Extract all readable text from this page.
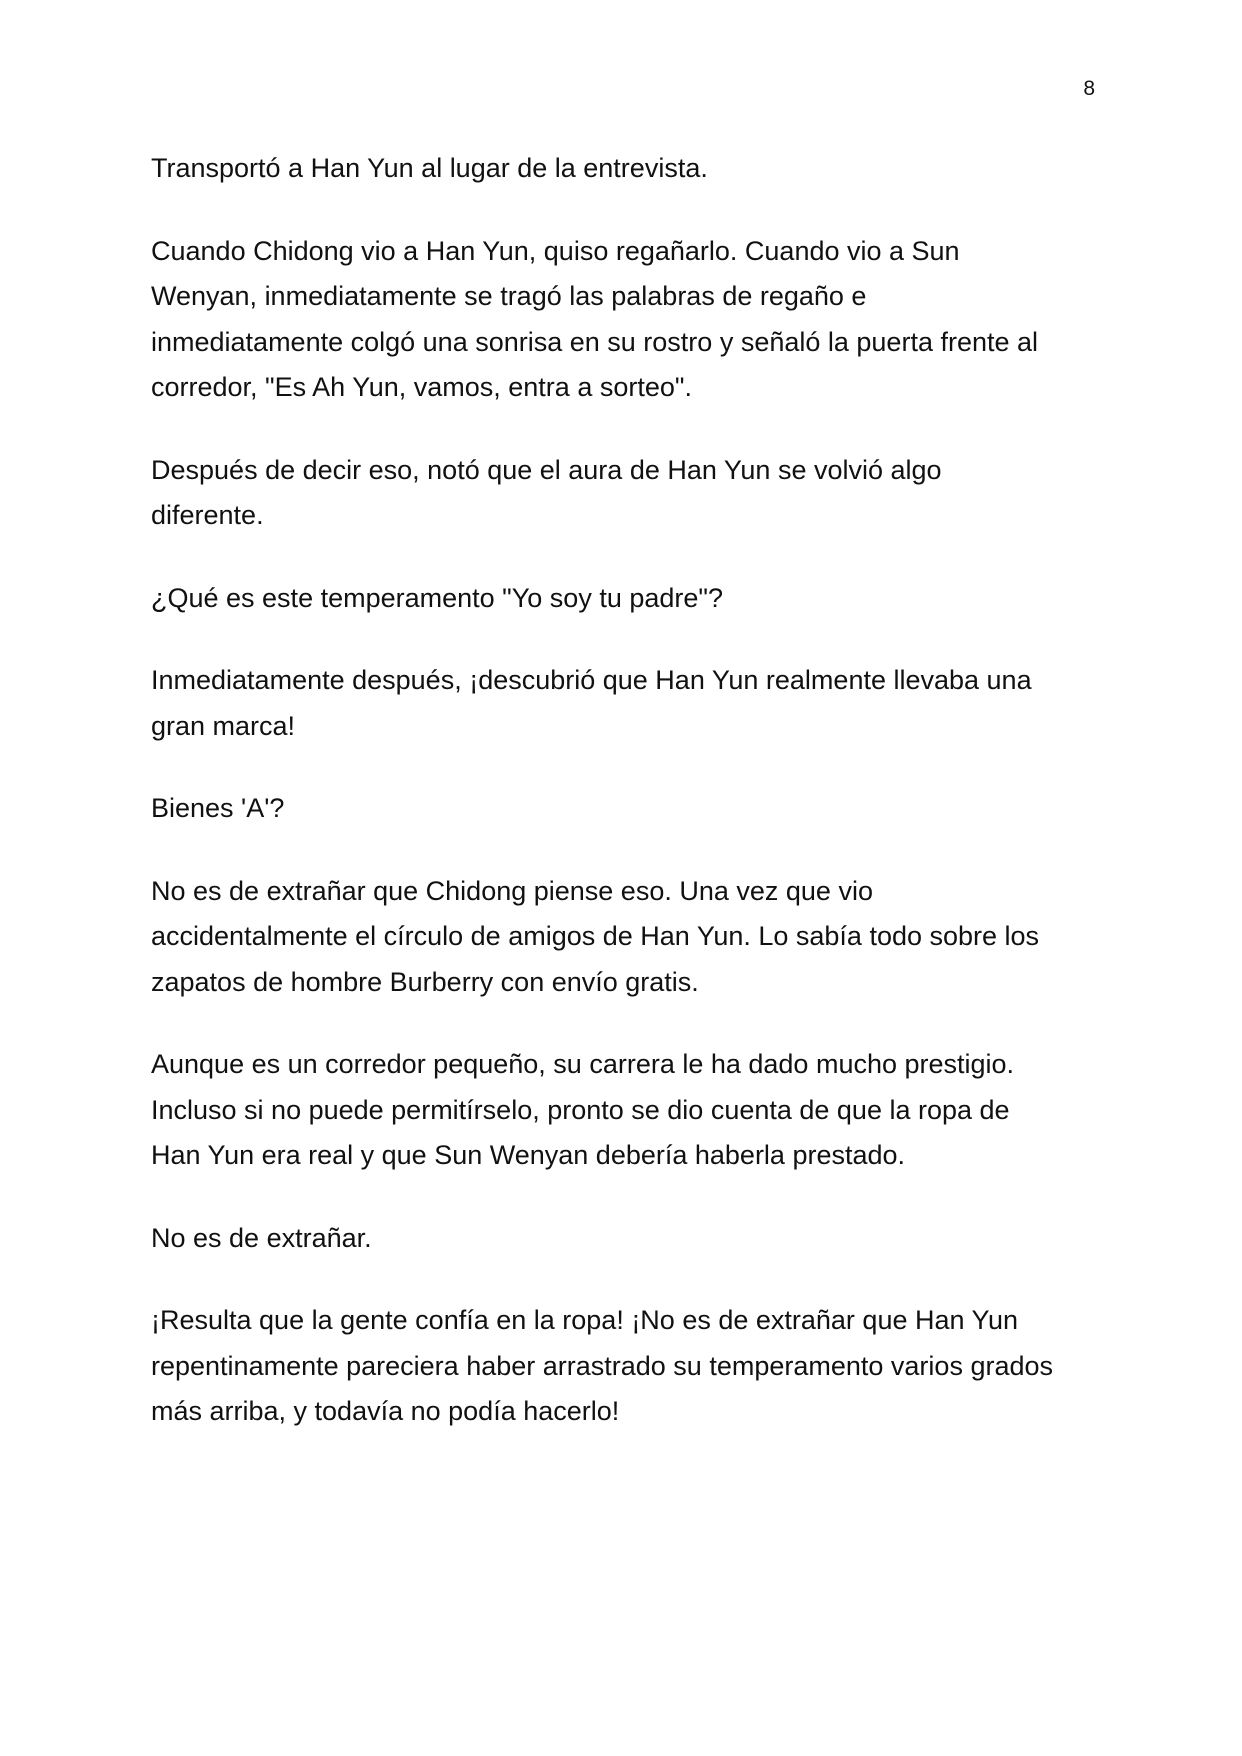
8

Transportó a Han Yun al lugar de la entrevista.

Cuando Chidong vio a Han Yun, quiso regañarlo. Cuando vio a Sun
Wenyan, inmediatamente se tragó las palabras de regaño e
inmediatamente colgó una sonrisa en su rostro y señaló la puerta frente al
corredor, "Es Ah Yun, vamos, entra a sorteo".

Después de decir eso, notó que el aura de Han Yun se volvió algo
diferente.

¿Qué es este temperamento "Yo soy tu padre"?

Inmediatamente después, ¡descubrió que Han Yun realmente llevaba una
gran marca!

Bienes 'A'?

No es de extrañar que Chidong piense eso. Una vez que vio
accidentalmente el círculo de amigos de Han Yun. Lo sabía todo sobre los
zapatos de hombre Burberry con envío gratis.

Aunque es un corredor pequeño, su carrera le ha dado mucho prestigio.
Incluso si no puede permitírselo, pronto se dio cuenta de que la ropa de
Han Yun era real y que Sun Wenyan debería haberla prestado.

No es de extrañar.

¡Resulta que la gente confía en la ropa! ¡No es de extrañar que Han Yun
repentinamente pareciera haber arrastrado su temperamento varios grados
más arriba, y todavía no podía hacerlo!
